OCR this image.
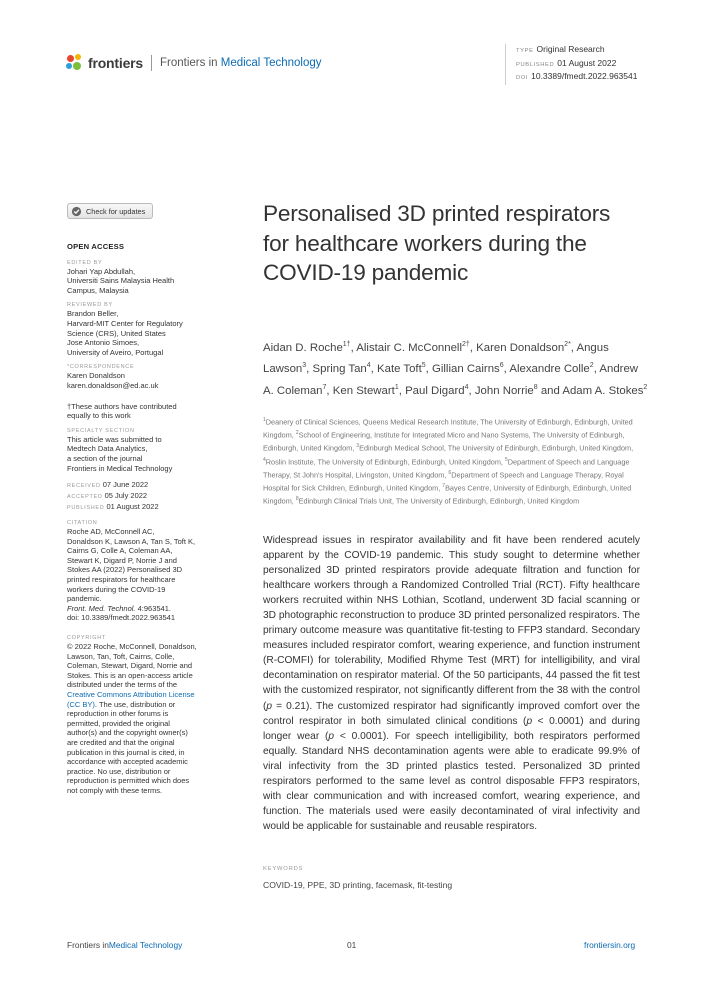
frontiers Frontiers in Medical Technology
TYPE Original Research
PUBLISHED 01 August 2022
DOI 10.3389/fmedt.2022.963541
Check for updates
OPEN ACCESS
EDITED BY
Johari Yap Abdullah,
Universiti Sains Malaysia Health
Campus, Malaysia
REVIEWED BY
Brandon Beller,
Harvard-MIT Center for Regulatory
Science (CRS), United States
Jose Antonio Simoes,
University of Aveiro, Portugal
*CORRESPONDENCE
Karen Donaldson
karen.donaldson@ed.ac.uk
†These authors have contributed
equally to this work
SPECIALTY SECTION
This article was submitted to
Medtech Data Analytics,
a section of the journal
Frontiers in Medical Technology
RECEIVED 07 June 2022
ACCEPTED 05 July 2022
PUBLISHED 01 August 2022
CITATION
Roche AD, McConnell AC,
Donaldson K, Lawson A, Tan S, Toft K,
Cairns G, Colle A, Coleman AA,
Stewart K, Digard P, Norrie J and
Stokes AA (2022) Personalised 3D
printed respirators for healthcare
workers during the COVID-19
pandemic.
Front. Med. Technol. 4:963541.
doi: 10.3389/fmedt.2022.963541
COPYRIGHT
© 2022 Roche, McConnell, Donaldson,
Lawson, Tan, Toft, Cairns, Colle,
Coleman, Stewart, Digard, Norrie and
Stokes. This is an open-access article
distributed under the terms of the
Creative Commons Attribution License
(CC BY). The use, distribution or
reproduction in other forums is
permitted, provided the original
author(s) and the copyright owner(s)
are credited and that the original
publication in this journal is cited, in
accordance with accepted academic
practice. No use, distribution or
reproduction is permitted which does
not comply with these terms.
Personalised 3D printed respirators for healthcare workers during the COVID-19 pandemic
Aidan D. Roche$^{1\dagger}$, Alistair C. McConnell$^{2\dagger}$, Karen Donaldson$^{2*}$, Angus Lawson$^3$, Spring Tan$^4$, Kate Toft$^5$, Gillian Cairns$^6$, Alexandre Colle$^2$, Andrew A. Coleman$^7$, Ken Stewart$^1$, Paul Digard$^4$, John Norrie$^8$ and Adam A. Stokes$^2$
$^1$Deanery of Clinical Sciences, Queens Medical Research Institute, The University of Edinburgh, Edinburgh, United Kingdom, $^2$School of Engineering, Institute for Integrated Micro and Nano Systems, The University of Edinburgh, Edinburgh, United Kingdom, $^3$Edinburgh Medical School, The University of Edinburgh, Edinburgh, United Kingdom, $^4$Roslin Institute, The University of Edinburgh, Edinburgh, United Kingdom, $^5$Department of Speech and Language Therapy, St John's Hospital, Livingston, United Kingdom, $^6$Department of Speech and Language Therapy, Royal Hospital for Sick Children, Edinburgh, United Kingdom, $^7$Bayes Centre, University of Edinburgh, Edinburgh, United Kingdom, $^8$Edinburgh Clinical Trials Unit, The University of Edinburgh, Edinburgh, United Kingdom
Widespread issues in respirator availability and fit have been rendered acutely apparent by the COVID-19 pandemic. This study sought to determine whether personalized 3D printed respirators provide adequate filtration and function for healthcare workers through a Randomized Controlled Trial (RCT). Fifty healthcare workers recruited within NHS Lothian, Scotland, underwent 3D facial scanning or 3D photographic reconstruction to produce 3D printed personalized respirators. The primary outcome measure was quantitative fit-testing to FFP3 standard. Secondary measures included respirator comfort, wearing experience, and function instrument (R-COMFI) for tolerability, Modified Rhyme Test (MRT) for intelligibility, and viral decontamination on respirator material. Of the 50 participants, 44 passed the fit test with the customized respirator, not significantly different from the 38 with the control (p = 0.21). The customized respirator had significantly improved comfort over the control respirator in both simulated clinical conditions (p < 0.0001) and during longer wear (p < 0.0001). For speech intelligibility, both respirators performed equally. Standard NHS decontamination agents were able to eradicate 99.9% of viral infectivity from the 3D printed plastics tested. Personalized 3D printed respirators performed to the same level as control disposable FFP3 respirators, with clear communication and with increased comfort, wearing experience, and function. The materials used were easily decontaminated of viral infectivity and would be applicable for sustainable and reusable respirators.
KEYWORDS
COVID-19, PPE, 3D printing, facemask, fit-testing
Frontiers inMedical Technology	01	frontiersin.org
